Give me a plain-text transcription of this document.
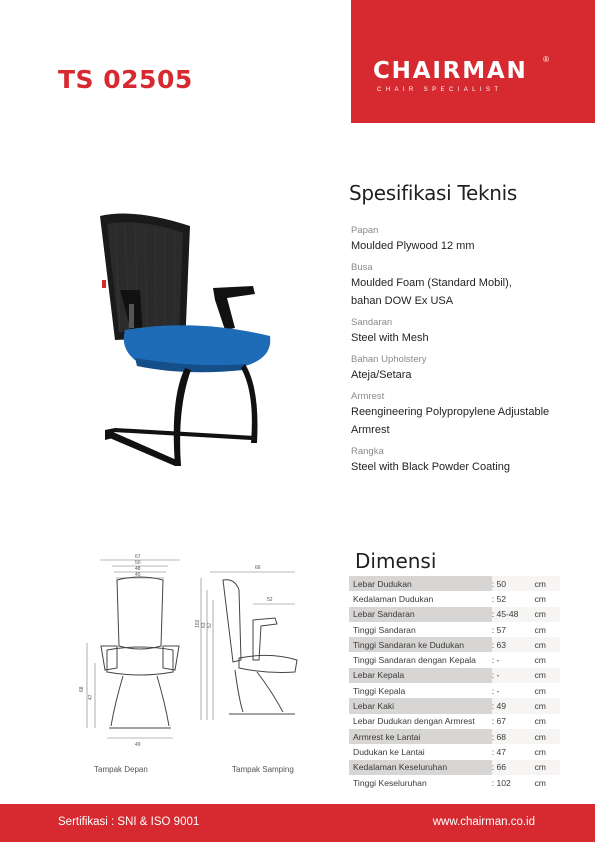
TS 02505	CHAIRMAN ®
CHAIR SPECIALIST
Spesifikasi Teknis
Papan
Moulded Plywood 12 mm
Busa
Moulded Foam (Standard Mobil), bahan DOW Ex USA
Sandaran
Steel with Mesh
Bahan Upholstery
Ateja/Setara
Armrest
Reengineering Polypropylene Adjustable Armrest
Rangka
Steel with Black Powder Coating
67
50
48
45
68
47
49
Tampak Depan
66
52
102 63 57
Tampak Samping
Dimensi
Lebar Dudukan	: 50	cm
Kedalaman Dudukan	: 52	cm
Lebar Sandaran	: 45-48	cm
Tinggi Sandaran	: 57	cm
Tinggi Sandaran ke Dudukan	: 63	cm
Tinggi Sandaran dengan Kepala	: -	cm
Lebar Kepala	: -	cm
Tinggi Kepala	: -	cm
Lebar Kaki	: 49	cm
Lebar Dudukan dengan Armrest	: 67	cm
Armrest ke Lantai	: 68	cm
Dudukan ke Lantai	: 47	cm
Kedalaman Keseluruhan	: 66	cm
Tinggi Keseluruhan	: 102	cm
Sertifikasi : SNI & ISO 9001	www.chairman.co.id
